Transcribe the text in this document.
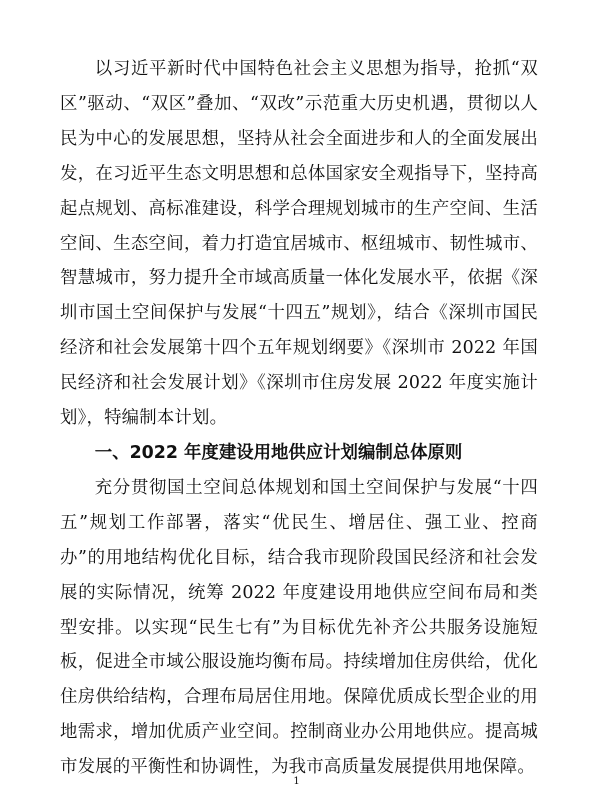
以习近平新时代中国特色社会主义思想为指导，抢抓“双区”驱动、“双区”叠加、“双改”示范重大历史机遇，贯彻以人民为中心的发展思想，坚持从社会全面进步和人的全面发展出发，在习近平生态文明思想和总体国家安全观指导下，坚持高起点规划、高标准建设，科学合理规划城市的生产空间、生活空间、生态空间，着力打造宜居城市、枢纽城市、韧性城市、智慧城市，努力提升全市域高质量一体化发展水平，依据《深圳市国土空间保护与发展“十四五”规划》，结合《深圳市国民经济和社会发展第十四个五年规划纲要》《深圳市 2022 年国民经济和社会发展计划》《深圳市住房发展 2022 年度实施计划》，特编制本计划。

一、2022 年度建设用地供应计划编制总体原则

充分贯彻国土空间总体规划和国土空间保护与发展“十四五”规划工作部署，落实“优民生、增居住、强工业、控商办”的用地结构优化目标，结合我市现阶段国民经济和社会发展的实际情况，统筹 2022 年度建设用地供应空间布局和类型安排。以实现“民生七有”为目标优先补齐公共服务设施短板，促进全市域公服设施均衡布局。持续增加住房供给，优化住房供给结构，合理布局居住用地。保障优质成长型企业的用地需求，增加优质产业空间。控制商业办公用地供应。提高城市发展的平衡性和协调性，为我市高质量发展提供用地保障。

1
